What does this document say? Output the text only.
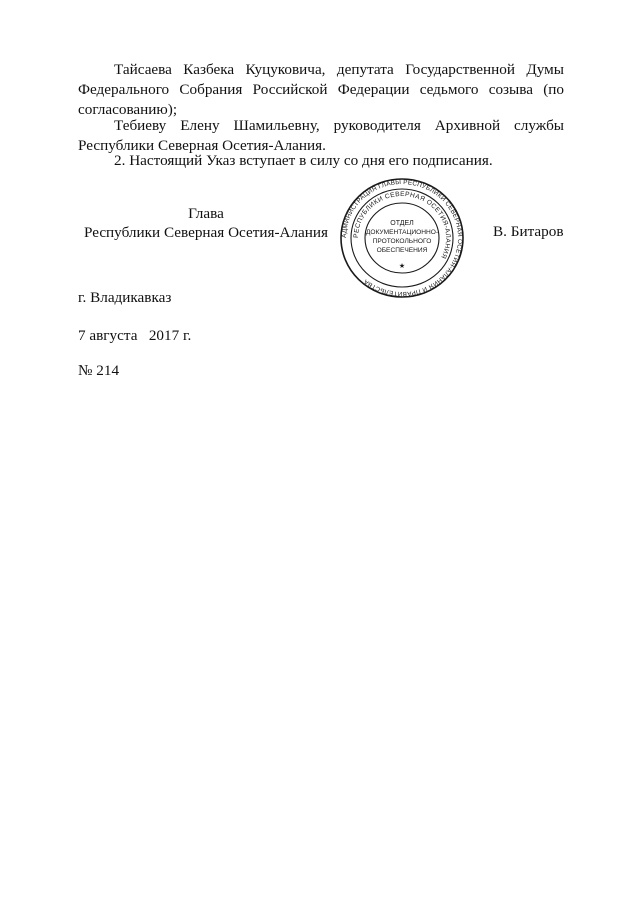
Тайсаева Казбека Куцуковича, депутата Государственной Думы Федерального Собрания Российской Федерации седьмого созыва (по согласованию);
Тебиеву Елену Шамильевну, руководителя Архивной службы Республики Северная Осетия-Алания.
2. Настоящий Указ вступает в силу со дня его подписания.
Глава
Республики Северная Осетия-Алания	АДМИНИСТРАЦИЯ ГЛАВЫ РЕСПУБЛИКИ СЕВЕРНАЯ ОСЕТИЯ-АЛАНИЯ И ПРАВИТЕЛЬСТВА
РЕСПУБЛИКИ СЕВЕРНАЯ ОСЕТИЯ-АЛАНИЯ
ОТДЕЛ
ДОКУМЕНТАЦИОННО-
ПРОТОКОЛЬНОГО
ОБЕСПЕЧЕНИЯ
★
В. Битаров
г. Владикавказ
7 августа   2017 г.
№ 214
